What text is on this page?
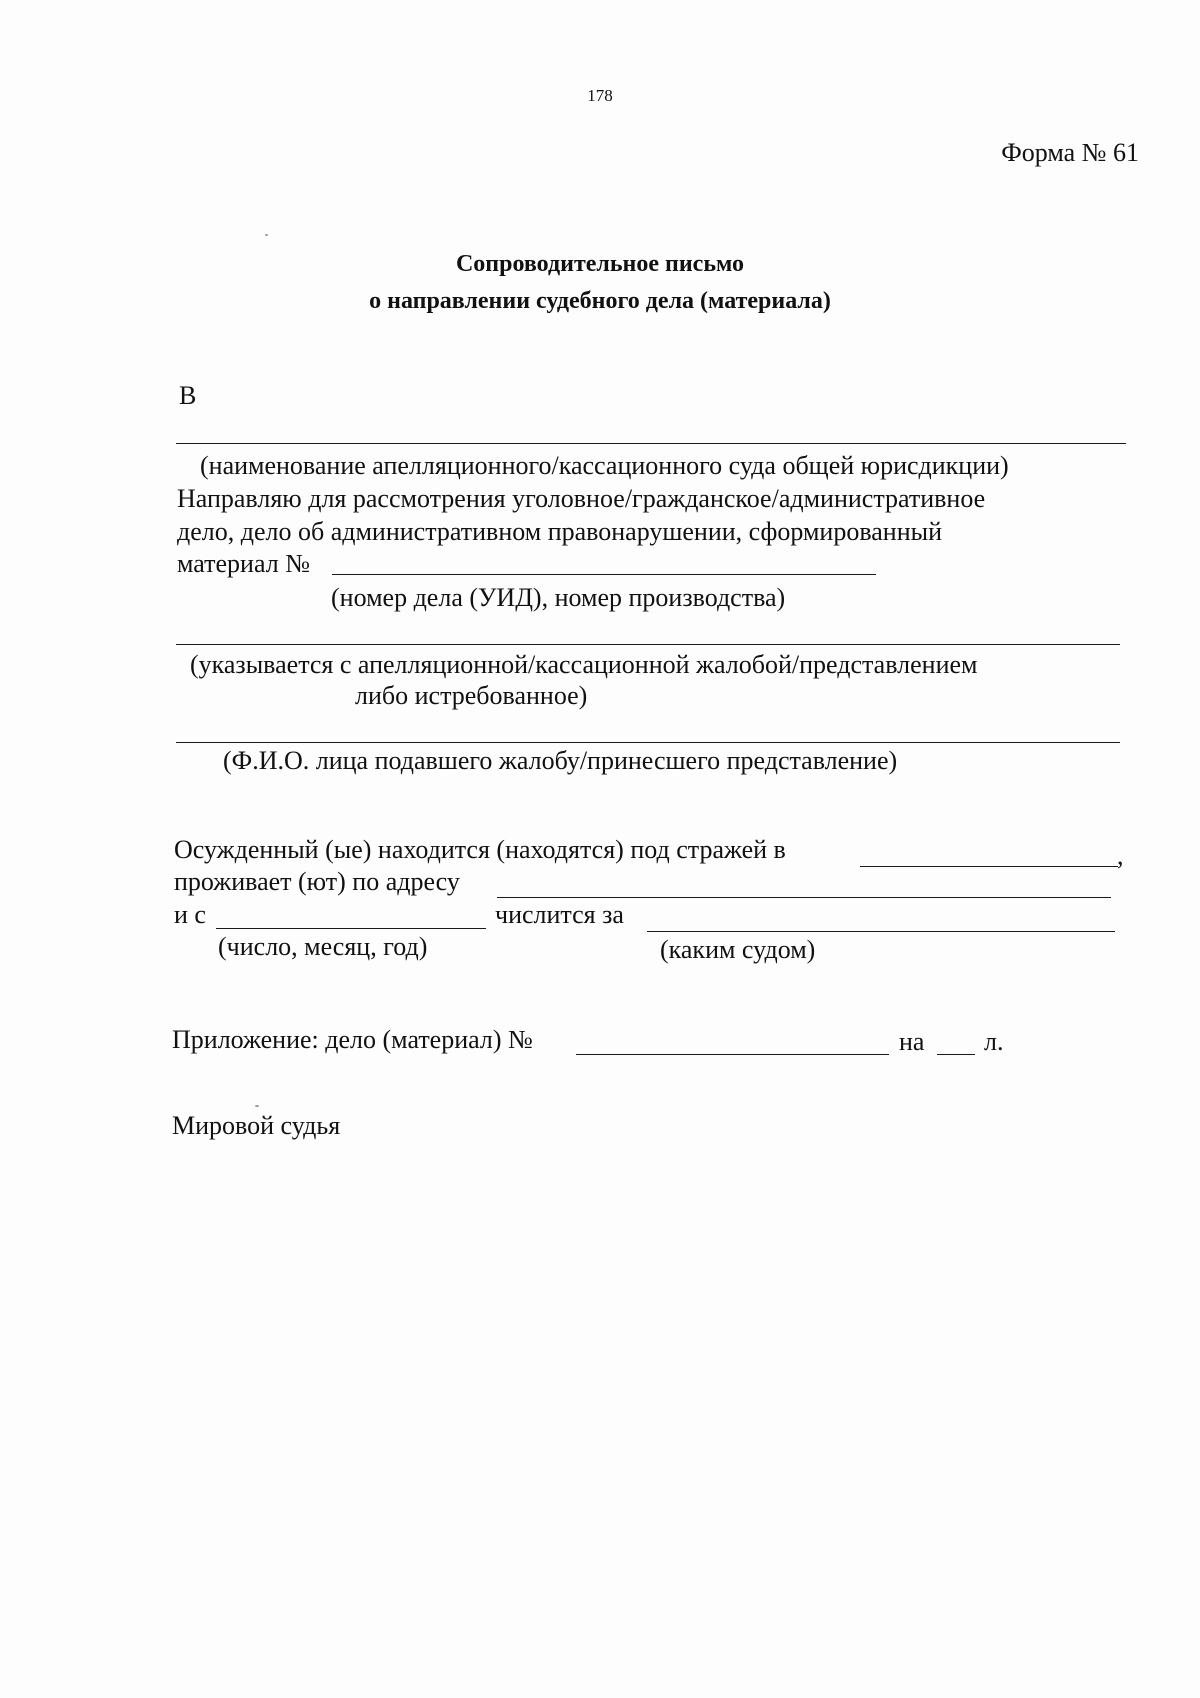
178
Форма № 61
Сопроводительное письмо
о направлении судебного дела (материала)
В
(наименование апелляционного/кассационного суда общей юрисдикции)
Направляю для рассмотрения уголовное/гражданское/административное
дело, дело об административном правонарушении, сформированный
материал №
(номер дела (УИД), номер производства)
(указывается с апелляционной/кассационной жалобой/представлением
либо истребованное)
(Ф.И.О. лица подавшего жалобу/принесшего представление)
Осужденный (ые) находится (находятся) под стражей в	,
проживает (ют) по адресу
и с	числится за
(число, месяц, год)	(каким судом)
Приложение: дело (материал) №	на л.
Мировой судья
